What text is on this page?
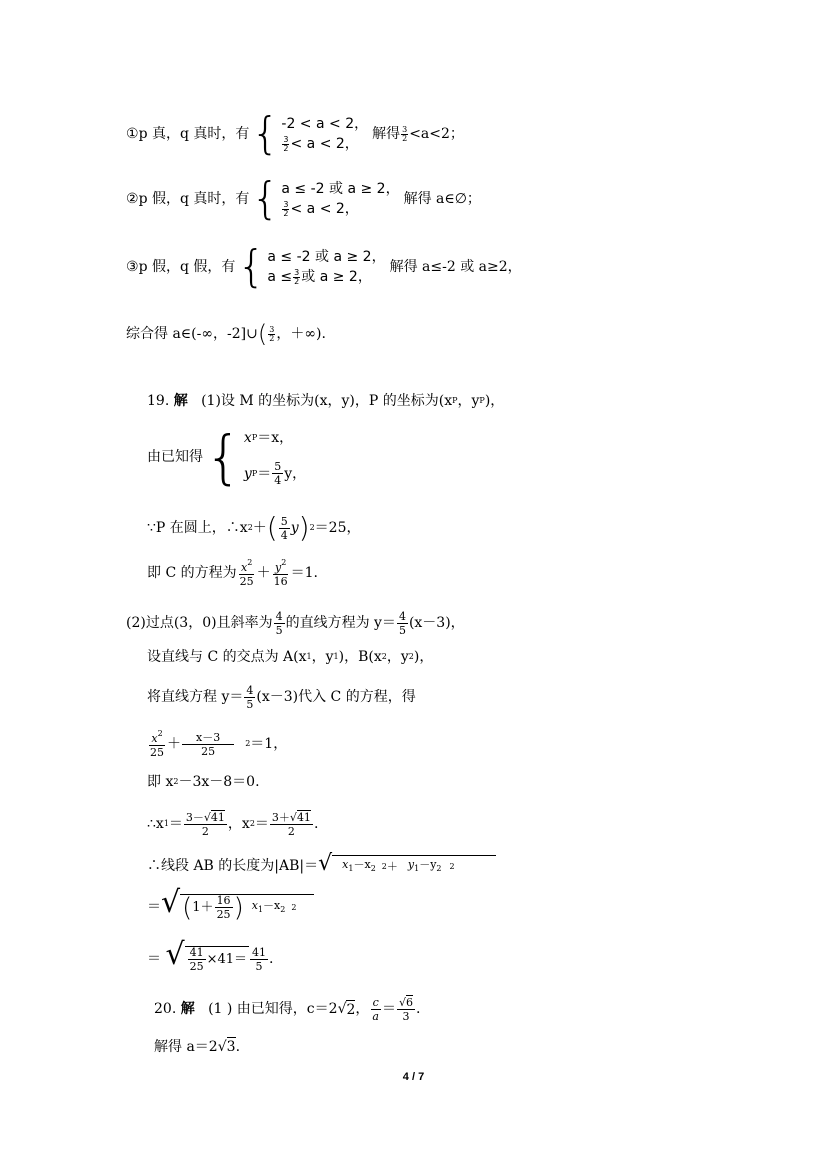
① p 真，q 真时，有 { -2 < a < 2，
$\frac{3}{2} < a < 2$，
解得 $\frac{3}{2} <a<2$；
② p 假，q 真时，有 { a ≤ -2 或 a ≥ 2，
$\frac{3}{2} < a < 2$，
解得 a∈∅；
③ p 假，q 假，有 { a ≤ -2 或 a ≥ 2，
$a \le \frac{3}{2}$ 或 a ≥ 2，
解得 a≤-2 或 a≥2，
综合得 a∈(-∞，-2]∪ ( $\frac{3}{2}$ ，＋∞).
19.
解
(1)设 M 的坐标为(x，y)，P 的坐标为(x P ，y P )，
由已知得 { x P ＝x，
y $P = \frac{5}{4}$ y，
∵P 在圆上，∴x 2 ＋ ( $\frac{5}{4}$ y ) 2 ＝25，
即 C 的方程为 $\frac{x^2}{25} + \frac{y^2}{16} =1$.
(2)过点(3，0)且斜率为 $\frac{4}{5}$ 的直线方程为 $y= \frac{4}{5} (x-3)$，
设直线与 C 的交点为 A(x 1 ，y 1 )，B(x 2 ，y 2 )，
将直线方程 $y= \frac{4}{5} (x-3)$代入 C 的方程，得
$\frac{x^2}{25} + \frac{x-3}{25} 2 =1$，
即 x 2 －3x－8＝0.
∴x $1 = \frac{3-√41}{2}$ ，x $2 = \frac{3+√41}{2}$ .
∴线段 AB 的长度为|AB|＝ √ $x_1-x_2$ $2 + y_1-y_2$ 2
＝ √ ( $1+ \frac{16}{25}$ ) $x_1-x_2$ 2
＝
√ $\frac{41}{25} \times 41= \frac{41}{5}$ .
20.
解
(1 ) 由已知得，c＝2 √ 2 ， $\frac{c}{a} = \frac{√6}{3}$ .
解得 a＝2 √ 3 .
4 / 7
